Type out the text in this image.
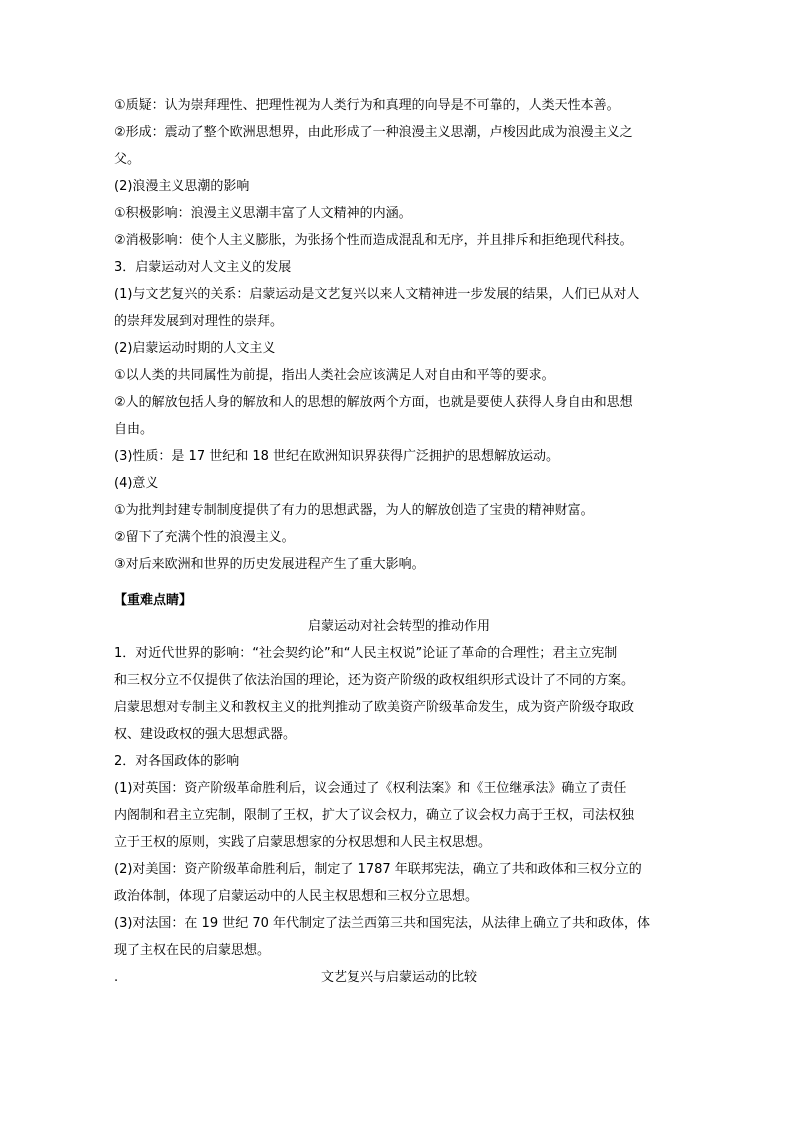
①质疑：认为崇拜理性、把理性视为人类行为和真理的向导是不可靠的，人类天性本善。
②形成：震动了整个欧洲思想界，由此形成了一种浪漫主义思潮，卢梭因此成为浪漫主义之
父。
(2)浪漫主义思潮的影响
①积极影响：浪漫主义思潮丰富了人文精神的内涵。
②消极影响：使个人主义膨胀，为张扬个性而造成混乱和无序，并且排斥和拒绝现代科技。
3．启蒙运动对人文主义的发展
(1)与文艺复兴的关系：启蒙运动是文艺复兴以来人文精神进一步发展的结果，人们已从对人
的崇拜发展到对理性的崇拜。
(2)启蒙运动时期的人文主义
①以人类的共同属性为前提，指出人类社会应该满足人对自由和平等的要求。
②人的解放包括人身的解放和人的思想的解放两个方面，也就是要使人获得人身自由和思想
自由。
(3)性质：是 17 世纪和 18 世纪在欧洲知识界获得广泛拥护的思想解放运动。
(4)意义
①为批判封建专制制度提供了有力的思想武器，为人的解放创造了宝贵的精神财富。
②留下了充满个性的浪漫主义。
③对后来欧洲和世界的历史发展进程产生了重大影响。
【重难点睛】
启蒙运动对社会转型的推动作用
1．对近代世界的影响：“社会契约论”和“人民主权说”论证了革命的合理性；君主立宪制
和三权分立不仅提供了依法治国的理论，还为资产阶级的政权组织形式设计了不同的方案。
启蒙思想对专制主义和教权主义的批判推动了欧美资产阶级革命发生，成为资产阶级夺取政
权、建设政权的强大思想武器。
2．对各国政体的影响
(1)对英国：资产阶级革命胜利后，议会通过了《权利法案》和《王位继承法》确立了责任
内阁制和君主立宪制，限制了王权，扩大了议会权力，确立了议会权力高于王权，司法权独
立于王权的原则，实践了启蒙思想家的分权思想和人民主权思想。
(2)对美国：资产阶级革命胜利后，制定了 1787 年联邦宪法，确立了共和政体和三权分立的
政治体制，体现了启蒙运动中的人民主权思想和三权分立思想。
(3)对法国：在 19 世纪 70 年代制定了法兰西第三共和国宪法，从法律上确立了共和政体，体
现了主权在民的启蒙思想。
.	文艺复兴与启蒙运动的比较
